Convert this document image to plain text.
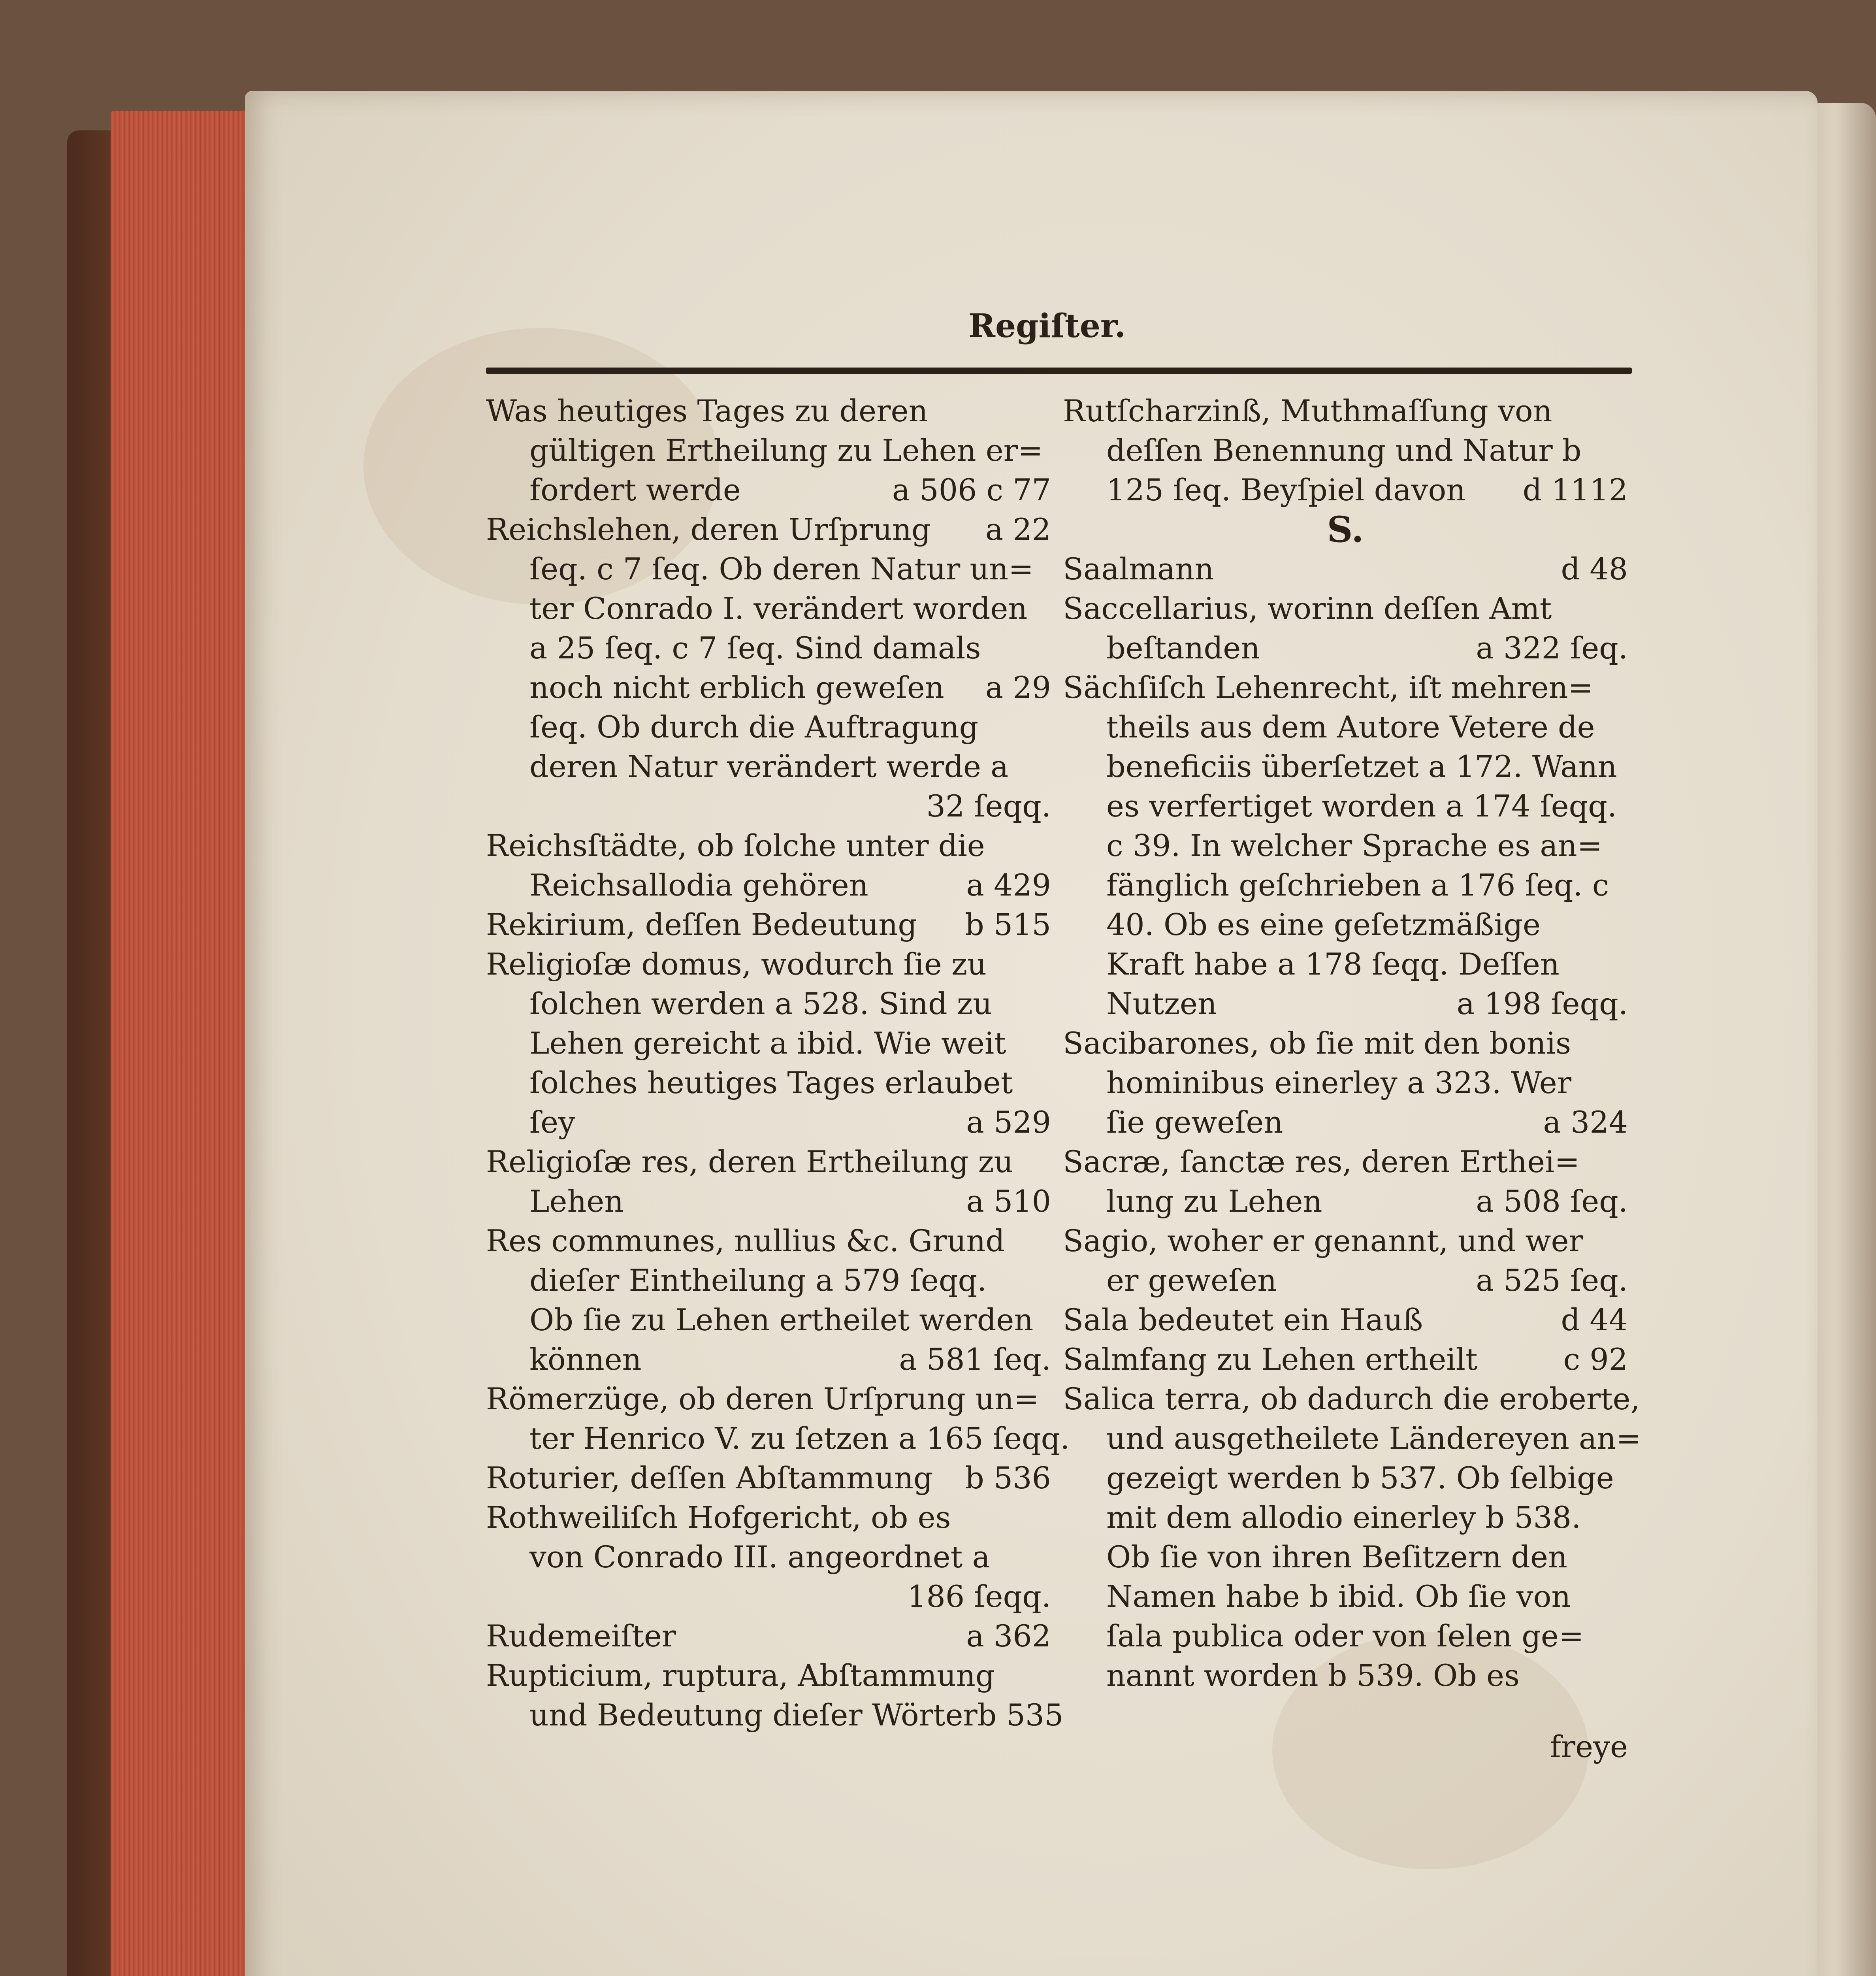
Regiſter.
Was heutiges Tages zu deren
gültigen Ertheilung zu Lehen er=
fordert werde	a 506 c 77
Reichslehen, deren Urſprung a 22
ſeq. c 7 ſeq. Ob deren Natur un=
ter Conrado I. verändert worden
a 25 ſeq. c 7 ſeq. Sind damals
noch nicht erblich geweſen a 29
ſeq. Ob durch die Auftragung
deren Natur verändert werde a
32 ſeqq.
Reichsſtädte, ob ſolche unter die
Reichsallodia gehören	a 429
Rekirium, deſſen Bedeutung b 515
Religioſæ domus, wodurch ſie zu
ſolchen werden a 528. Sind zu
Lehen gereicht a ibid. Wie weit
ſolches heutiges Tages erlaubet
ſey	a 529
Religioſæ res, deren Ertheilung zu
Lehen	a 510
Res communes, nullius &c. Grund
dieſer Eintheilung a 579 ſeqq.
Ob ſie zu Lehen ertheilet werden
können	a 581 ſeq.
Römerzüge, ob deren Urſprung un=
ter Henrico V. zu ſetzen a 165 ſeqq.
Roturier, deſſen Abſtammung b 536
Rothweiliſch Hofgericht, ob es
von Conrado III. angeordnet a
186 ſeqq.
Rudemeiſter	a 362
Rupticium, ruptura, Abſtammung
und Bedeutung dieſer Wörter b 535
Rutſcharzinß, Muthmaſſung von
deſſen Benennung und Natur b
125 ſeq. Beyſpiel davon d 1112
S.
Saalmann	d 48
Saccellarius, worinn deſſen Amt
beſtanden	a 322 ſeq.
Sächſiſch Lehenrecht, iſt mehren=
theils aus dem Autore Vetere de
beneficiis überſetzet a 172. Wann
es verfertiget worden a 174 ſeqq.
c 39. In welcher Sprache es an=
fänglich geſchrieben a 176 ſeq. c
40. Ob es eine geſetzmäßige
Kraft habe a 178 ſeqq. Deſſen
Nutzen	a 198 ſeqq.
Sacibarones, ob ſie mit den bonis
hominibus einerley a 323. Wer
ſie geweſen	a 324
Sacræ, ſanctæ res, deren Erthei=
lung zu Lehen	a 508 ſeq.
Sagio, woher er genannt, und wer
er geweſen	a 525 ſeq.
Sala bedeutet ein Hauß	d 44
Salmfang zu Lehen ertheilt	c 92
Salica terra, ob dadurch die eroberte,
und ausgetheilete Ländereyen an=
gezeigt werden b 537. Ob ſelbige
mit dem allodio einerley b 538.
Ob ſie von ihren Beſitzern den
Namen habe b ibid. Ob ſie von
ſala publica oder von ſelen ge=
nannt worden b 539. Ob es
freye
